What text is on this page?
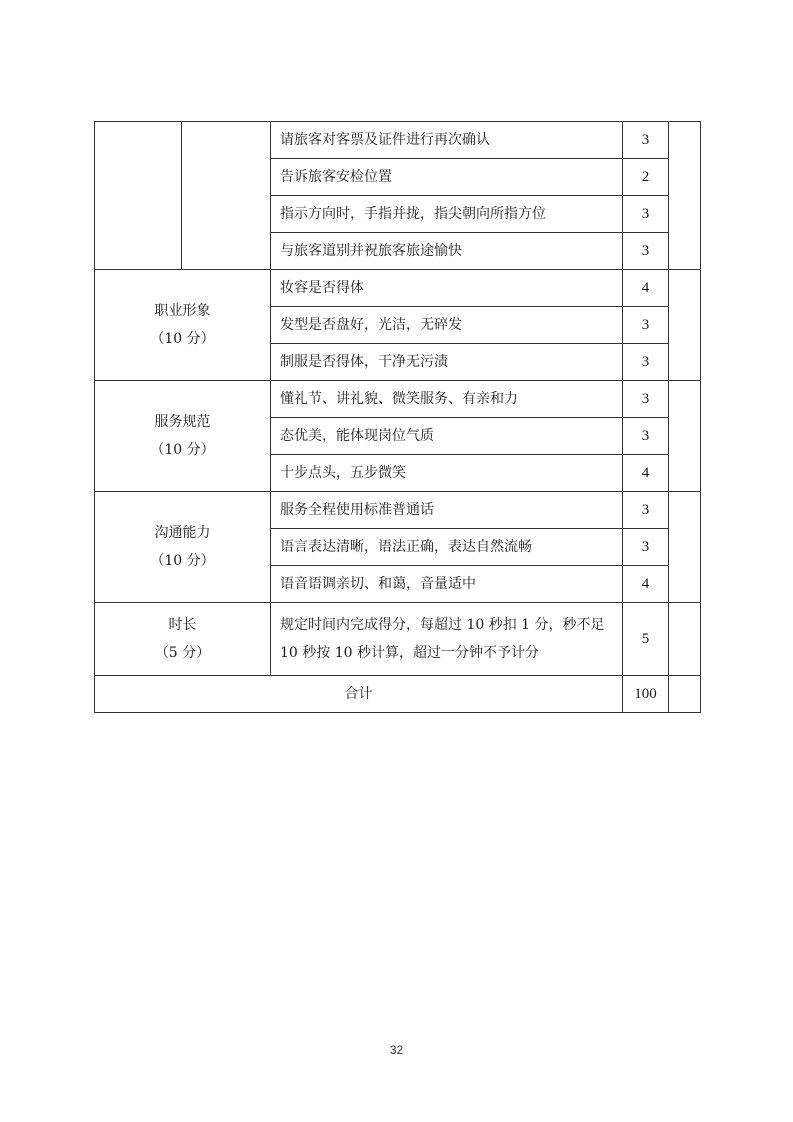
		请旅客对客票及证件进行再次确认	3	
		告诉旅客安检位置	2	
		指示方向时，手指并拢，指尖朝向所指方位	3	
		与旅客道别并祝旅客旅途愉快	3	

职业形象
（10 分）		妆容是否得体	4	
		发型是否盘好，光洁，无碎发	3	
		制服是否得体，干净无污渍	3	

服务规范
（10 分）		懂礼节、讲礼貌、微笑服务、有亲和力	3	
		态优美，能体现岗位气质	3	
		十步点头，五步微笑	4	

沟通能力
（10 分）		服务全程使用标准普通话	3	
		语言表达清晰，语法正确，表达自然流畅	3	
		语音语调亲切、和蔼，音量适中	4	

时长
（5 分）		规定时间内完成得分，每超过 10 秒扣 1 分，秒不足 10 秒按 10 秒计算，超过一分钟不予计分	5	
合计			100	
32
